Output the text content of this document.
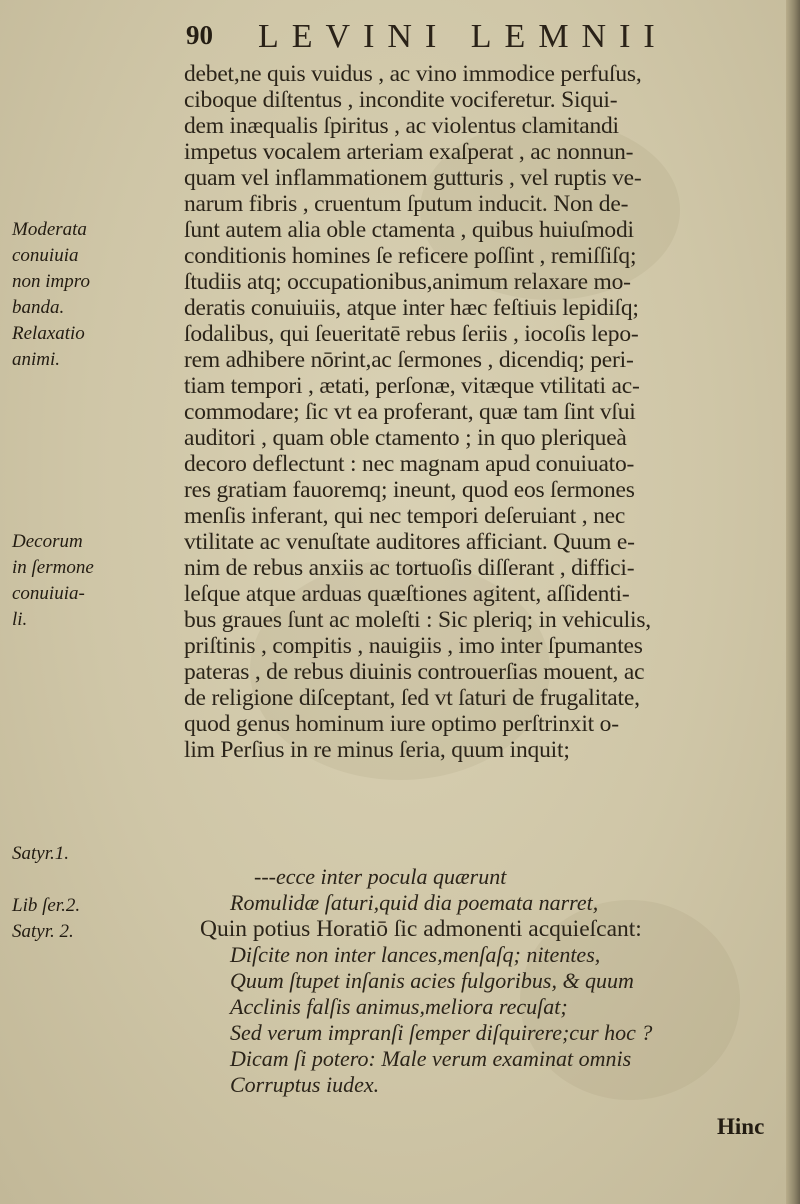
90 LEVINI LEMNII
debet,ne quis vuidus , ac vino immodice perfuſus,
ciboque diſtentus , incondite vociferetur. Siqui-
dem inæqualis ſpiritus , ac violentus clamitandi
impetus vocalem arteriam exaſperat , ac nonnun-
quam vel inflammationem gutturis , vel ruptis ve-
narum fibris , cruentum ſputum inducit. Non de-
ſunt autem alia oble ctamenta , quibus huiuſmodi
conditionis homines ſe reficere poſſint , remiſſiſq;
ſtudiis atq; occupationibus,animum relaxare mo-
deratis conuiuiis, atque inter hæc feſtiuis lepidiſq;
ſodalibus, qui ſeueritatē rebus ſeriis , iocoſis lepo-
rem adhibere nōrint,ac ſermones , dicendiq; peri-
tiam tempori , ætati, perſonæ, vitæque vtilitati ac-
commodare; ſic vt ea proferant, quæ tam ſint vſui
auditori , quam oble ctamento ; in quo pleriqueà
decoro deflectunt : nec magnam apud conuiuato-
res gratiam fauoremq; ineunt, quod eos ſermones
menſis inferant, qui nec tempori deſeruiant , nec
vtilitate ac venuſtate auditores afficiant. Quum e-
nim de rebus anxiis ac tortuoſis diſſerant , diffici-
leſque atque arduas quæſtiones agitent, aſſidenti-
bus graues ſunt ac moleſti : Sic pleriq; in vehiculis,
priſtinis , compitis , nauigiis , imo inter ſpumantes
pateras , de rebus diuinis controuerſias mouent, ac
de religione diſceptant, ſed vt ſaturi de frugalitate,
quod genus hominum iure optimo perſtrinxit o-
lim Perſius in re minus ſeria, quum inquit;
---ecce inter pocula quærunt
Romulidæ ſaturi,quid dia poemata narret,
Quin potius Horatiō ſic admonenti acquieſcant:
Diſcite non inter lances,menſaſq; nitentes,
Quum ſtupet inſanis acies fulgoribus, & quum
Acclinis falſis animus,meliora recuſat;
Sed verum impranſi ſemper diſquirere;cur hoc ?
Dicam ſi potero: Male verum examinat omnis
Corruptus iudex.
Moderata
conuiuia
non impro
banda.
Relaxatio
animi.
Decorum
in ſermone
conuiuia-
li.
Satyr.1.
Lib ſer.2.
Satyr. 2.
Hinc
